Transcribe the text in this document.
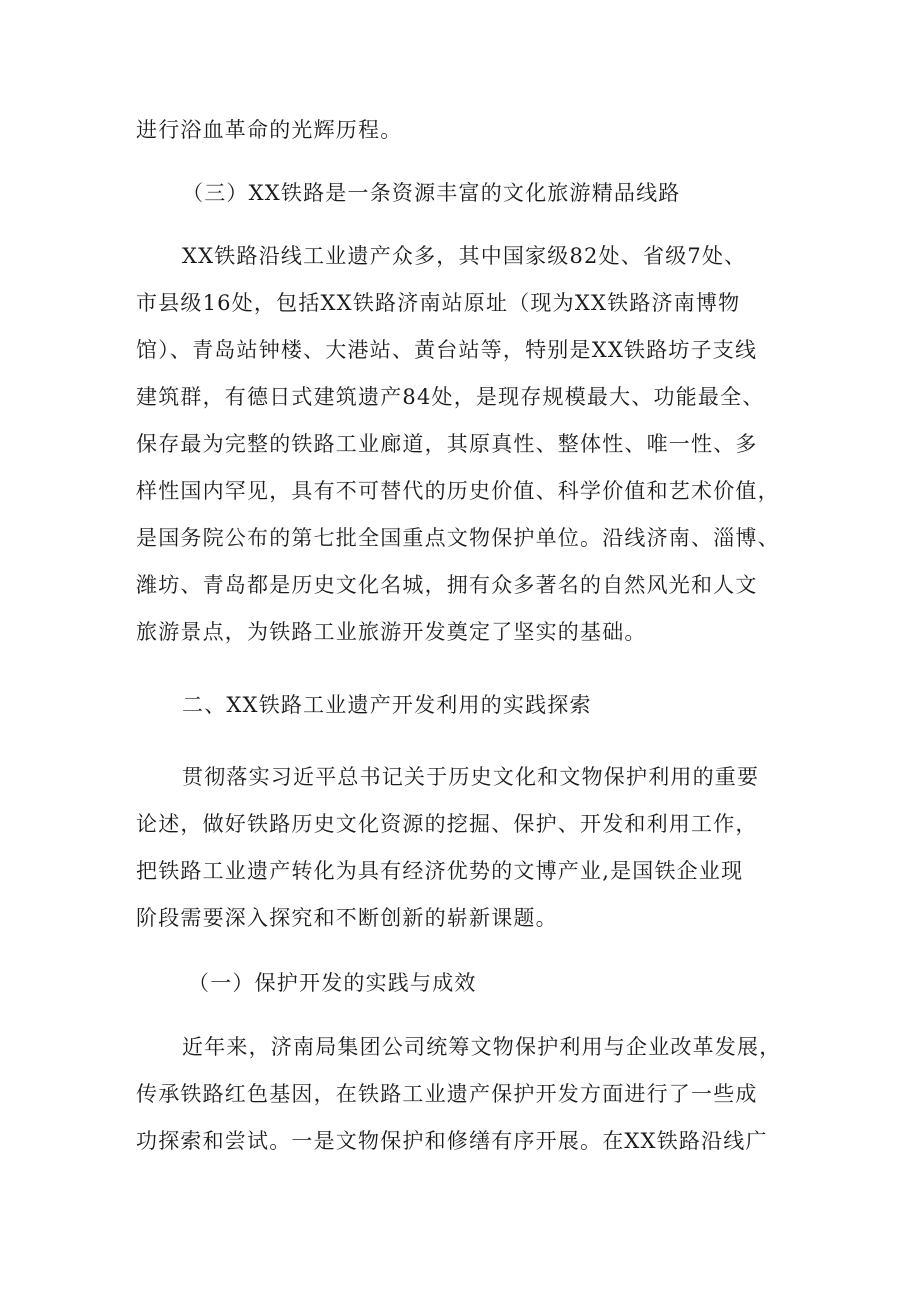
进行浴血革命的光辉历程。

（三）XX铁路是一条资源丰富的文化旅游精品线路

XX铁路沿线工业遗产众多，其中国家级82处、省级7处、

市县级16处，包括XX铁路济南站原址（现为XX铁路济南博物

馆）、青岛站钟楼、大港站、黄台站等，特别是XX铁路坊子支线

建筑群，有德日式建筑遗产84处，是现存规模最大、功能最全、

保存最为完整的铁路工业廊道，其原真性、整体性、唯一性、多

样性国内罕见，具有不可替代的历史价值、科学价值和艺术价值，

是国务院公布的第七批全国重点文物保护单位。沿线济南、淄博、

潍坊、青岛都是历史文化名城，拥有众多著名的自然风光和人文

旅游景点，为铁路工业旅游开发奠定了坚实的基础。

二、XX铁路工业遗产开发利用的实践探索

贯彻落实习近平总书记关于历史文化和文物保护利用的重要

论述，做好铁路历史文化资源的挖掘、保护、开发和利用工作，

把铁路工业遗产转化为具有经济优势的文博产业,是国铁企业现

阶段需要深入探究和不断创新的崭新课题。

（一）保护开发的实践与成效

近年来，济南局集团公司统筹文物保护利用与企业改革发展，

传承铁路红色基因，在铁路工业遗产保护开发方面进行了一些成

功探索和尝试。一是文物保护和修缮有序开展。在XX铁路沿线广
